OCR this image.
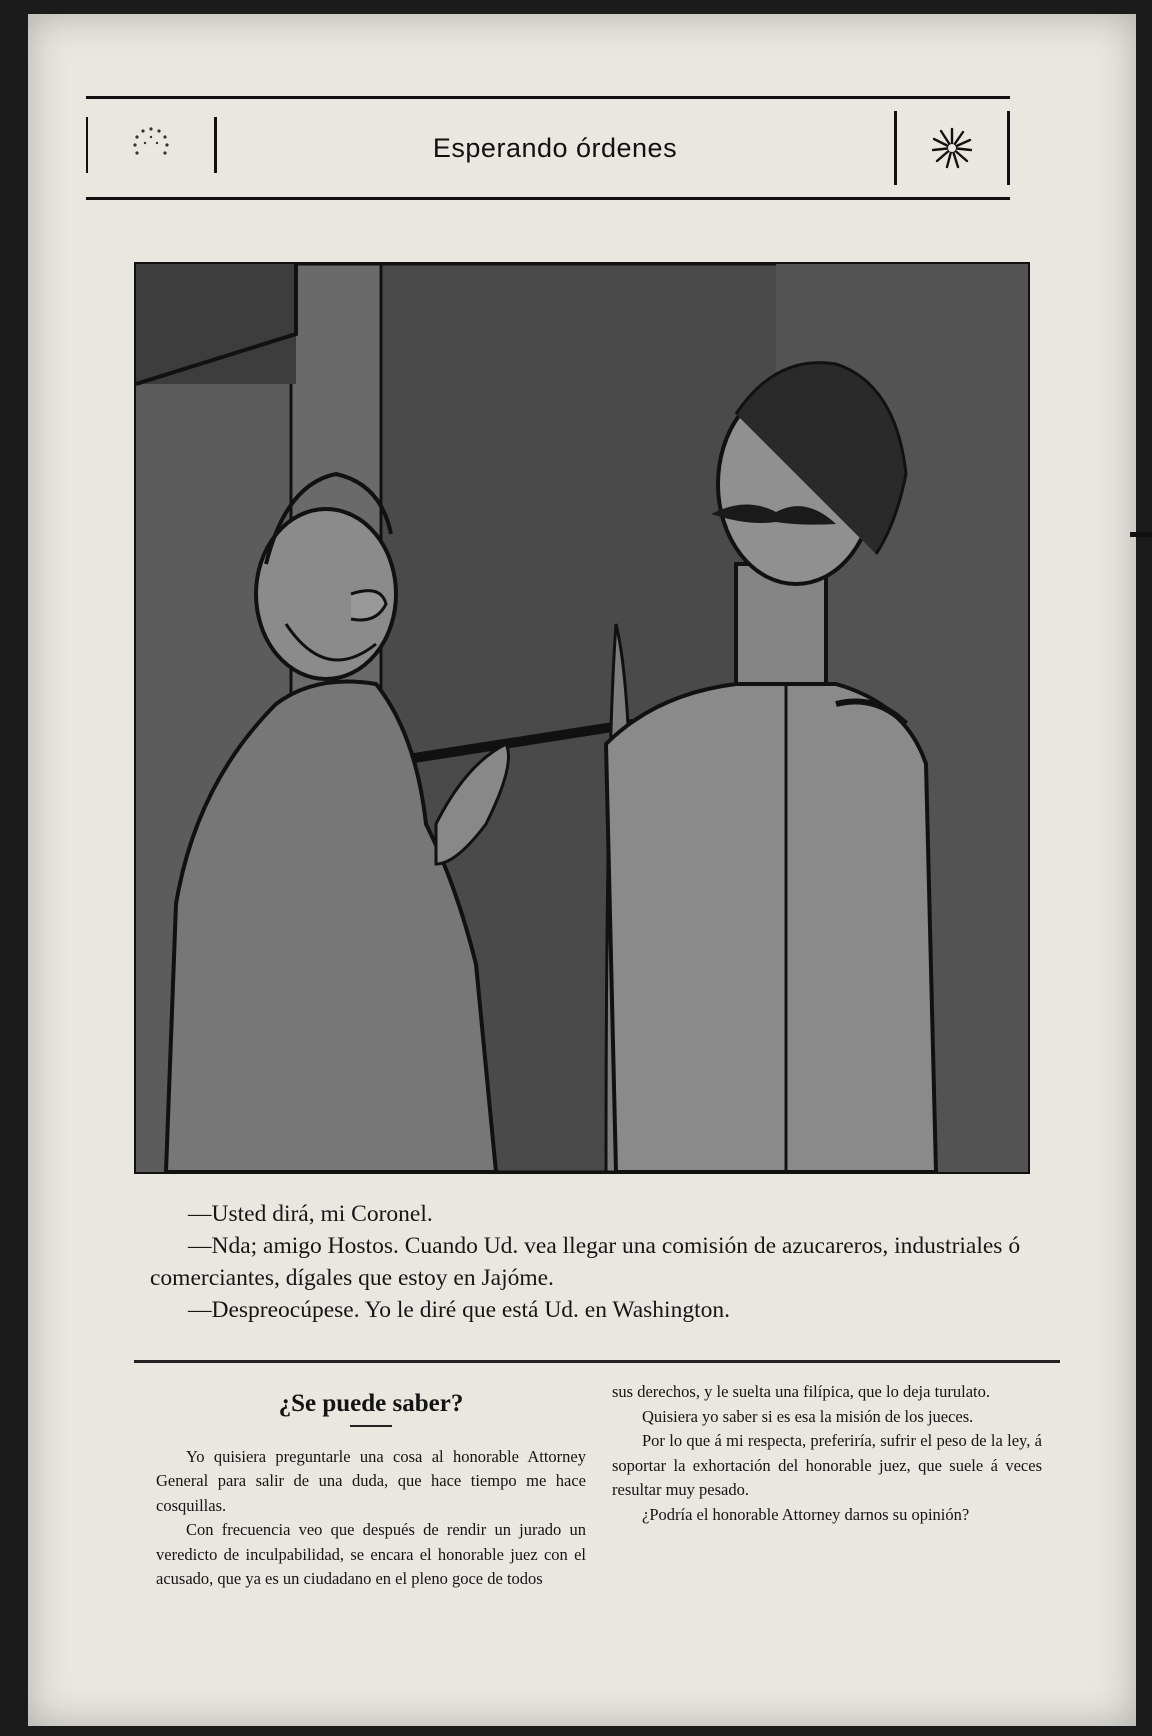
Esperando órdenes

—Usted dirá, mi Coronel.

—Nda; amigo Hostos. Cuando Ud. vea llegar una comisión de azucareros, industriales ó comerciantes, dígales que estoy en Jajóme.

—Despreocúpese. Yo le diré que está Ud. en Washington.

¿Se puede saber?

Yo quisiera preguntarle una cosa al honorable Attorney General para salir de una duda, que hace tiempo me hace cosquillas.

Con frecuencia veo que después de rendir un jurado un veredicto de inculpabilidad, se encara el honorable juez con el acusado, que ya es un ciudadano en el pleno goce de todos

sus derechos, y le suelta una filípica, que lo deja turulato.

Quisiera yo saber si es esa la misión de los jueces.

Por lo que á mi respecta, preferiría, sufrir el peso de la ley, á soportar la exhortación del honorable juez, que suele á veces resultar muy pesado.

¿Podría el honorable Attorney darnos su opinión?
